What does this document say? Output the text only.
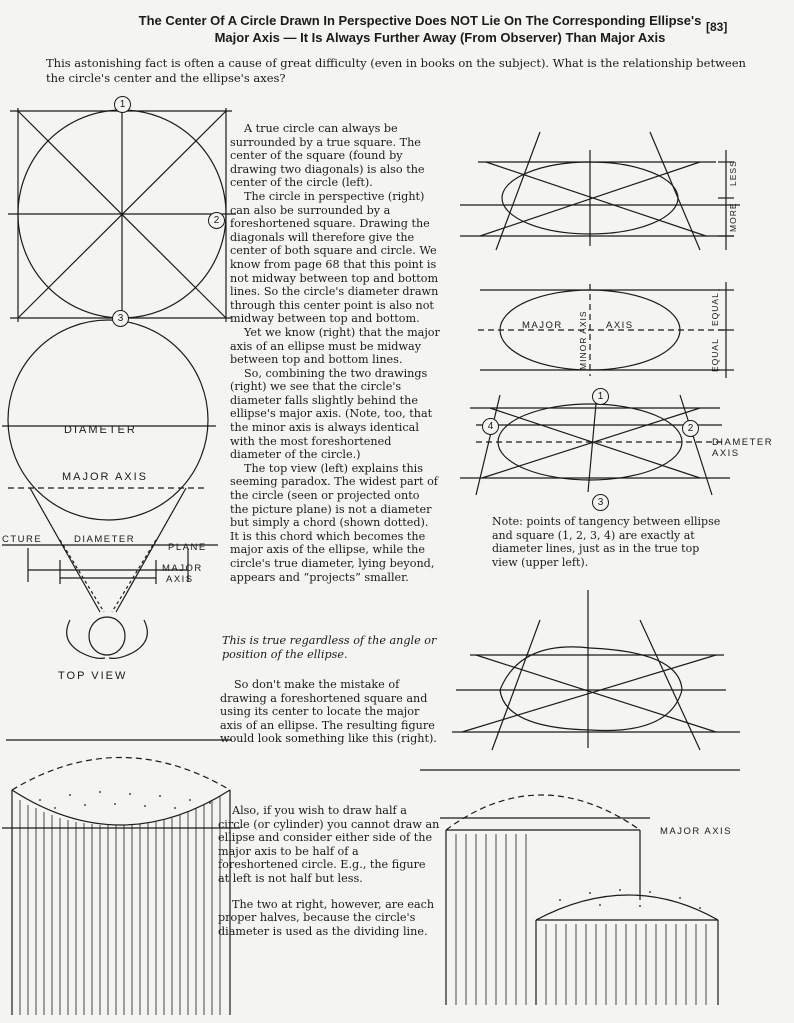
The Center Of A Circle Drawn In Perspective Does NOT Lie On The Corresponding Ellipse's
Major Axis — It Is Always Further Away (From Observer) Than Major Axis
[83]
This astonishing fact is often a cause of great difficulty (even in books on the subject). What is the relationship between the circle's center and the ellipse's axes?

A true circle can always be surrounded by a true square. The center of the square (found by drawing two diagonals) is also the center of the circle (left).

The circle in perspective (right) can also be surrounded by a foreshortened square. Drawing the diagonals will therefore give the center of both square and circle. We know from page 68 that this point is not midway between top and bottom lines. So the circle's diameter drawn through this center point is also not midway between top and bottom.

Yet we know (right) that the major axis of an ellipse must be midway between top and bottom lines.

So, combining the two drawings (right) we see that the circle's diameter falls slightly behind the ellipse's major axis. (Note, too, that the minor axis is always identical with the most foreshortened diameter of the circle.)

The top view (left) explains this seeming paradox. The widest part of the circle (seen or projected onto the picture plane) is not a diameter but simply a chord (shown dotted). It is this chord which becomes the major axis of the ellipse, while the circle's true diameter, lying beyond, appears and “projects” smaller.

This is true regardless of the angle or position of the ellipse.

So don't make the mistake of drawing a foreshortened square and using its center to locate the major axis of an ellipse. The resulting figure would look something like this (right).

Also, if you wish to draw half a circle (or cylinder) you cannot draw an ellipse and consider either side of the major axis to be half of a foreshortened circle. E.g., the figure at left is not half but less.

The two at right, however, are each proper halves, because the circle's diameter is used as the dividing line.

Note: points of tangency between ellipse and square (1, 2, 3, 4) are exactly at diameter lines, just as in the true top view (upper left).
1
2
3
1
4	2
3
DIAMETER
MAJOR AXIS
CTURE	DIAMETER
PLANE
MAJOR
AXIS
TOP VIEW
LESS
MORE
MAJOR	AXIS
MINOR AXIS
EQUAL
EQUAL
DIAMETER
AXIS
MAJOR AXIS
